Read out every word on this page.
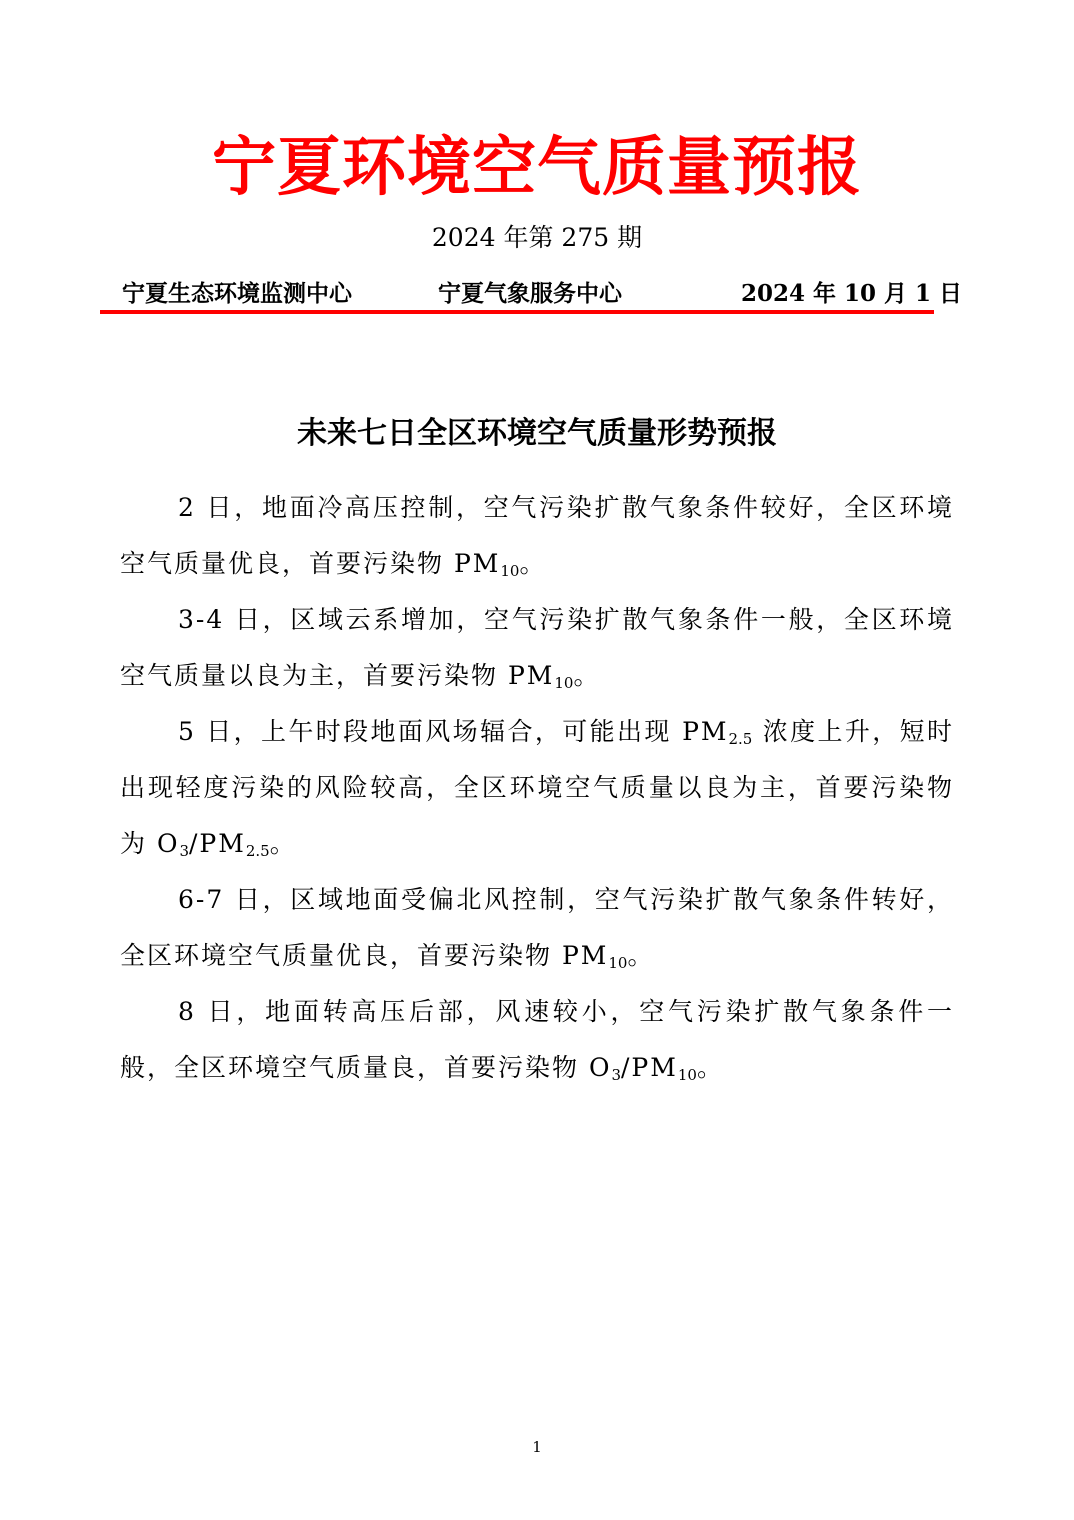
宁夏环境空气质量预报
2024 年第 275 期
宁夏生态环境监测中心	宁夏气象服务中心	2024 年 10 月 1 日
未来七日全区环境空气质量形势预报

2 日，地面冷高压控制，空气污染扩散气象条件较好，全区环境空气质量优良，首要污染物 $PM_{10}$。

3-4 日，区域云系增加，空气污染扩散气象条件一般，全区环境空气质量以良为主，首要污染物 $PM_{10}$。

5 日，上午时段地面风场辐合，可能出现 $PM_{2.5}$ 浓度上升，短时出现轻度污染的风险较高，全区环境空气质量以良为主，首要污染物为 $O_3/PM_{2.5}$。

6-7 日，区域地面受偏北风控制，空气污染扩散气象条件转好，全区环境空气质量优良，首要污染物 $PM_{10}$。

8 日，地面转高压后部，风速较小，空气污染扩散气象条件一般，全区环境空气质量良，首要污染物 $O_3/PM_{10}$。

1
